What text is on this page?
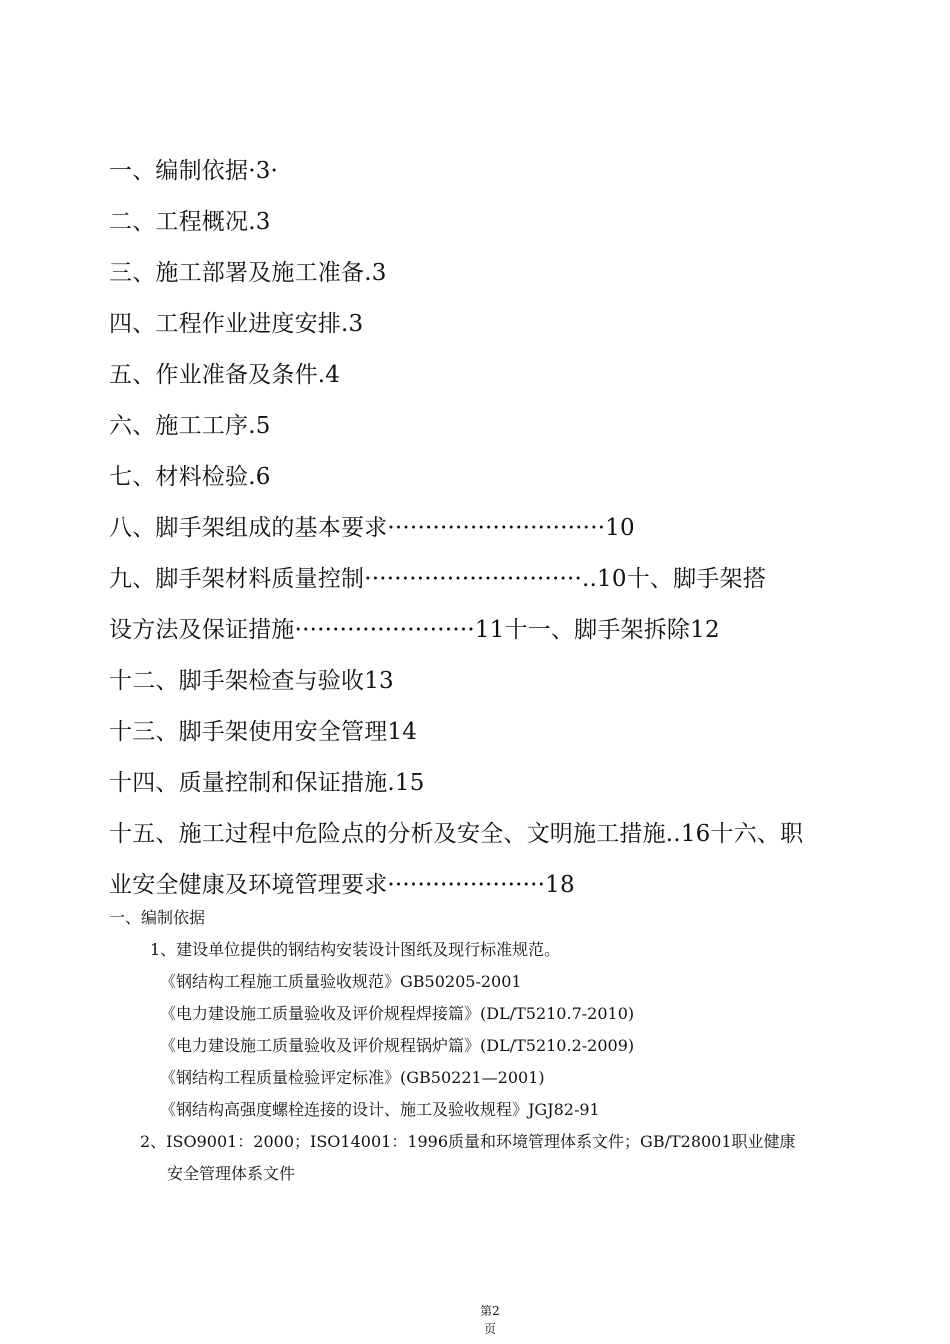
一、编制依据·3·
二、工程概况.3
三、施工部署及施工准备.3
四、工程作业进度安排.3
五、作业准备及条件.4
六、施工工序.5
七、材料检验.6
八、脚手架组成的基本要求·····························10
九、脚手架材料质量控制·····························..10十、脚手架搭
设方法及保证措施························11十一、脚手架拆除12
十二、脚手架检查与验收13
十三、脚手架使用安全管理14
十四、质量控制和保证措施.15
十五、施工过程中危险点的分析及安全、文明施工措施..16十六、职
业安全健康及环境管理要求·····················18
一、编制依据
1、建设单位提供的钢结构安装设计图纸及现行标准规范。
《钢结构工程施工质量验收规范》GB50205-2001
《电力建设施工质量验收及评价规程焊接篇》(DL/T5210.7-2010)
《电力建设施工质量验收及评价规程锅炉篇》(DL/T5210.2-2009)
《钢结构工程质量检验评定标准》(GB50221—2001)
《钢结构高强度螺栓连接的设计、施工及验收规程》JGJ82-91
2、ISO9001：2000；ISO14001：1996质量和环境管理体系文件；GB/T28001职业健康
安全管理体系文件
第2
页
